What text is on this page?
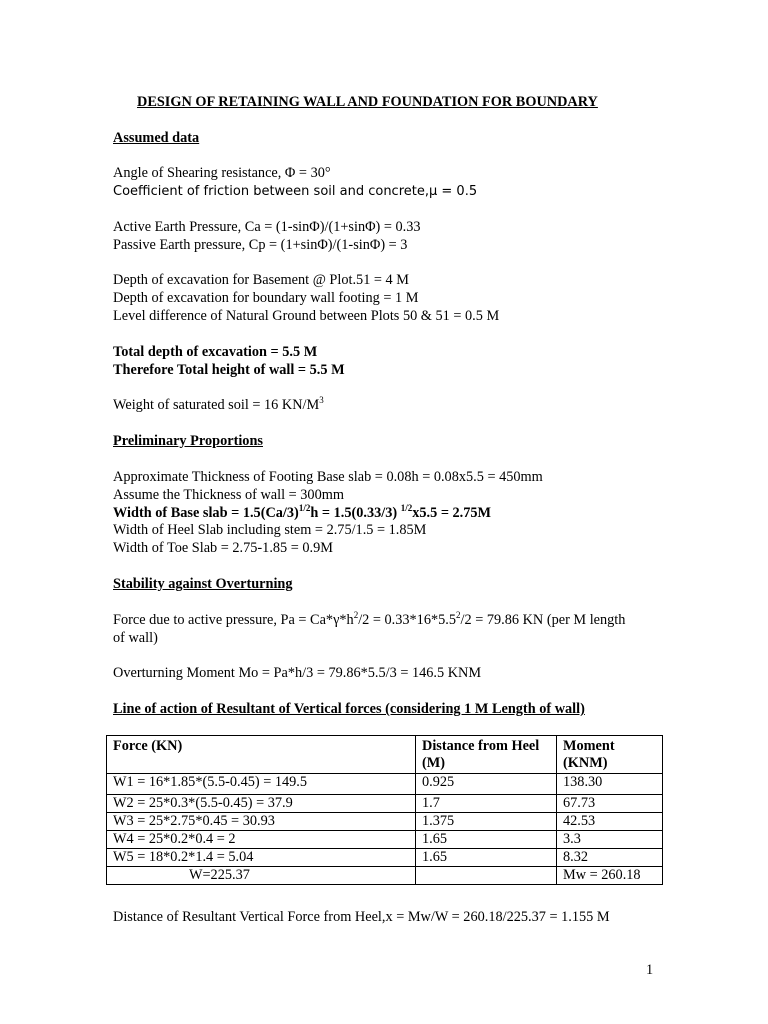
DESIGN OF RETAINING WALL AND FOUNDATION FOR BOUNDARY
Assumed data
Angle of Shearing resistance, Φ = 30°
Coefficient of friction between soil and concrete,μ = 0.5
Active Earth Pressure, Ca = (1-sinΦ)/(1+sinΦ) = 0.33
Passive Earth pressure, Cp = (1+sinΦ)/(1-sinΦ) = 3
Depth of excavation for Basement @ Plot.51 = 4 M
Depth of excavation for boundary wall footing = 1 M
Level difference of Natural Ground between Plots 50 & 51 = 0.5 M
Total depth of excavation = 5.5 M
Therefore Total height of wall = 5.5 M
Weight of saturated soil = 16 $KN/M^3$
Preliminary Proportions
Approximate Thickness of Footing Base slab = 0.08h = 0.08x5.5 = 450mm
Assume the Thickness of wall = 300mm
Width of Base slab = $1.5(Ca/3)^{1/2}h = 1.5(0.33/3) ^{1/2}x5.5 = 2.75M$
Width of Heel Slab including stem = 2.75/1.5 = 1.85M
Width of Toe Slab = 2.75-1.85 = 0.9M
Stability against Overturning
Force due to active pressure, $Pa = Ca*\gamma*h^2/2 = 0.33*16*5.5^2/2 = 79.86$ KN (per M length
of wall)
Overturning Moment Mo = Pa*h/3 = 79.86*5.5/3 = 146.5 KNM
Line of action of Resultant of Vertical forces (considering 1 M Length of wall)
Force (KN)	Distance from Heel (M)	Moment (KNM)
W1 = 16*1.85*(5.5-0.45) = 149.5	0.925	138.30
W2 = 25*0.3*(5.5-0.45) = 37.9	1.7	67.73
W3 = 25*2.75*0.45 = 30.93	1.375	42.53
W4 = 25*0.2*0.4 = 2	1.65	3.3
W5 = 18*0.2*1.4 = 5.04	1.65	8.32
W=225.37		Mw = 260.18
Distance of Resultant Vertical Force from Heel,x = Mw/W = 260.18/225.37 = 1.155 M
1
